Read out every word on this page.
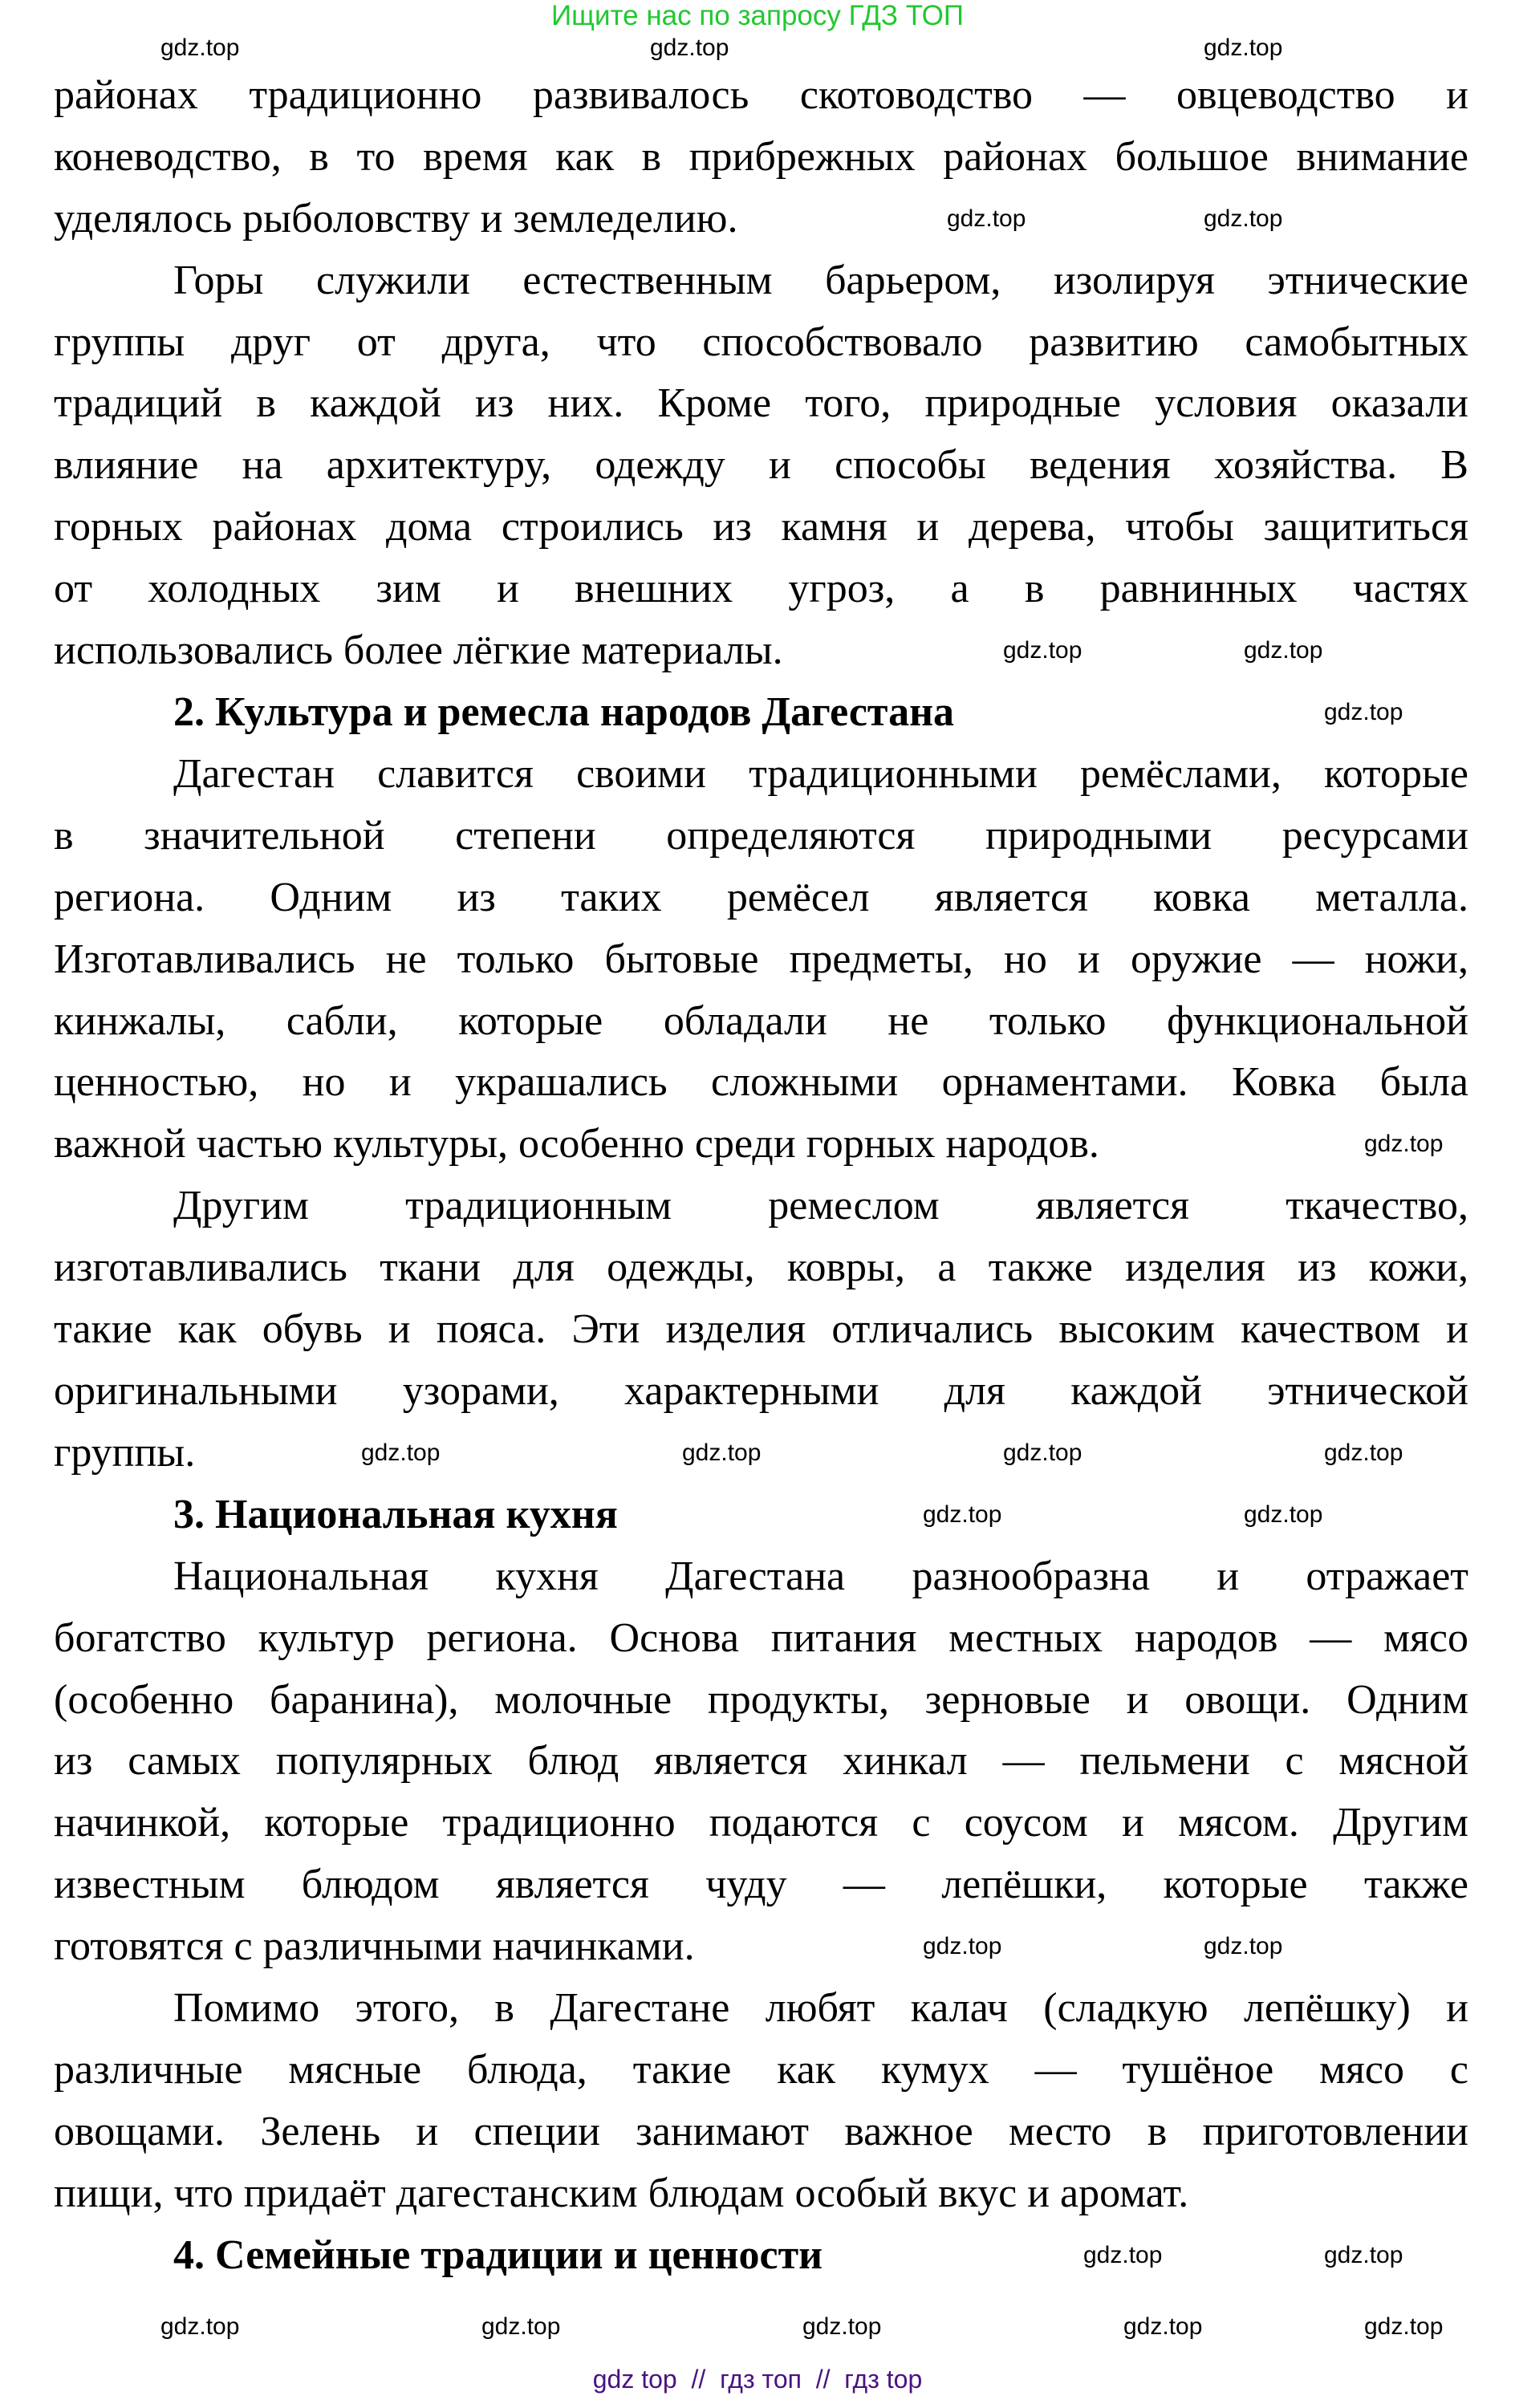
Ищите нас по запросу ГДЗ ТОП
районах традиционно развивалось скотоводство — овцеводство и
коневодство, в то время как в прибрежных районах большое внимание
уделялось рыболовству и земледелию.
Горы служили естественным барьером, изолируя этнические
группы друг от друга, что способствовало развитию самобытных
традиций в каждой из них. Кроме того, природные условия оказали
влияние на архитектуру, одежду и способы ведения хозяйства. В
горных районах дома строились из камня и дерева, чтобы защититься
от холодных зим и внешних угроз, а в равнинных частях
использовались более лёгкие материалы.
2. Культура и ремесла народов Дагестана
Дагестан славится своими традиционными ремёслами, которые
в значительной степени определяются природными ресурсами
региона. Одним из таких ремёсел является ковка металла.
Изготавливались не только бытовые предметы, но и оружие — ножи,
кинжалы, сабли, которые обладали не только функциональной
ценностью, но и украшались сложными орнаментами. Ковка была
важной частью культуры, особенно среди горных народов.
Другим традиционным ремеслом является ткачество,
изготавливались ткани для одежды, ковры, а также изделия из кожи,
такие как обувь и пояса. Эти изделия отличались высоким качеством и
оригинальными узорами, характерными для каждой этнической
группы.
3. Национальная кухня
Национальная кухня Дагестана разнообразна и отражает
богатство культур региона. Основа питания местных народов — мясо
(особенно баранина), молочные продукты, зерновые и овощи. Одним
из самых популярных блюд является хинкал — пельмени с мясной
начинкой, которые традиционно подаются с соусом и мясом. Другим
известным блюдом является чуду — лепёшки, которые также
готовятся с различными начинками.
Помимо этого, в Дагестане любят калач (сладкую лепёшку) и
различные мясные блюда, такие как кумух — тушёное мясо с
овощами. Зелень и специи занимают важное место в приготовлении
пищи, что придаёт дагестанским блюдам особый вкус и аромат.
4. Семейные традиции и ценности
gdz.top
gdz.top	gdz.top
gdz.top	gdz.top
gdz.top	gdz.top
gdz.top
gdz.top
gdz.top	gdz.top	gdz.top	gdz.top
gdz.top	gdz.top
gdz.top	gdz.top
gdz.top	gdz.top
gdz.top	gdz.top	gdz.top	gdz.top	gdz.top
gdz top  //  гдз топ  //  гдз top
